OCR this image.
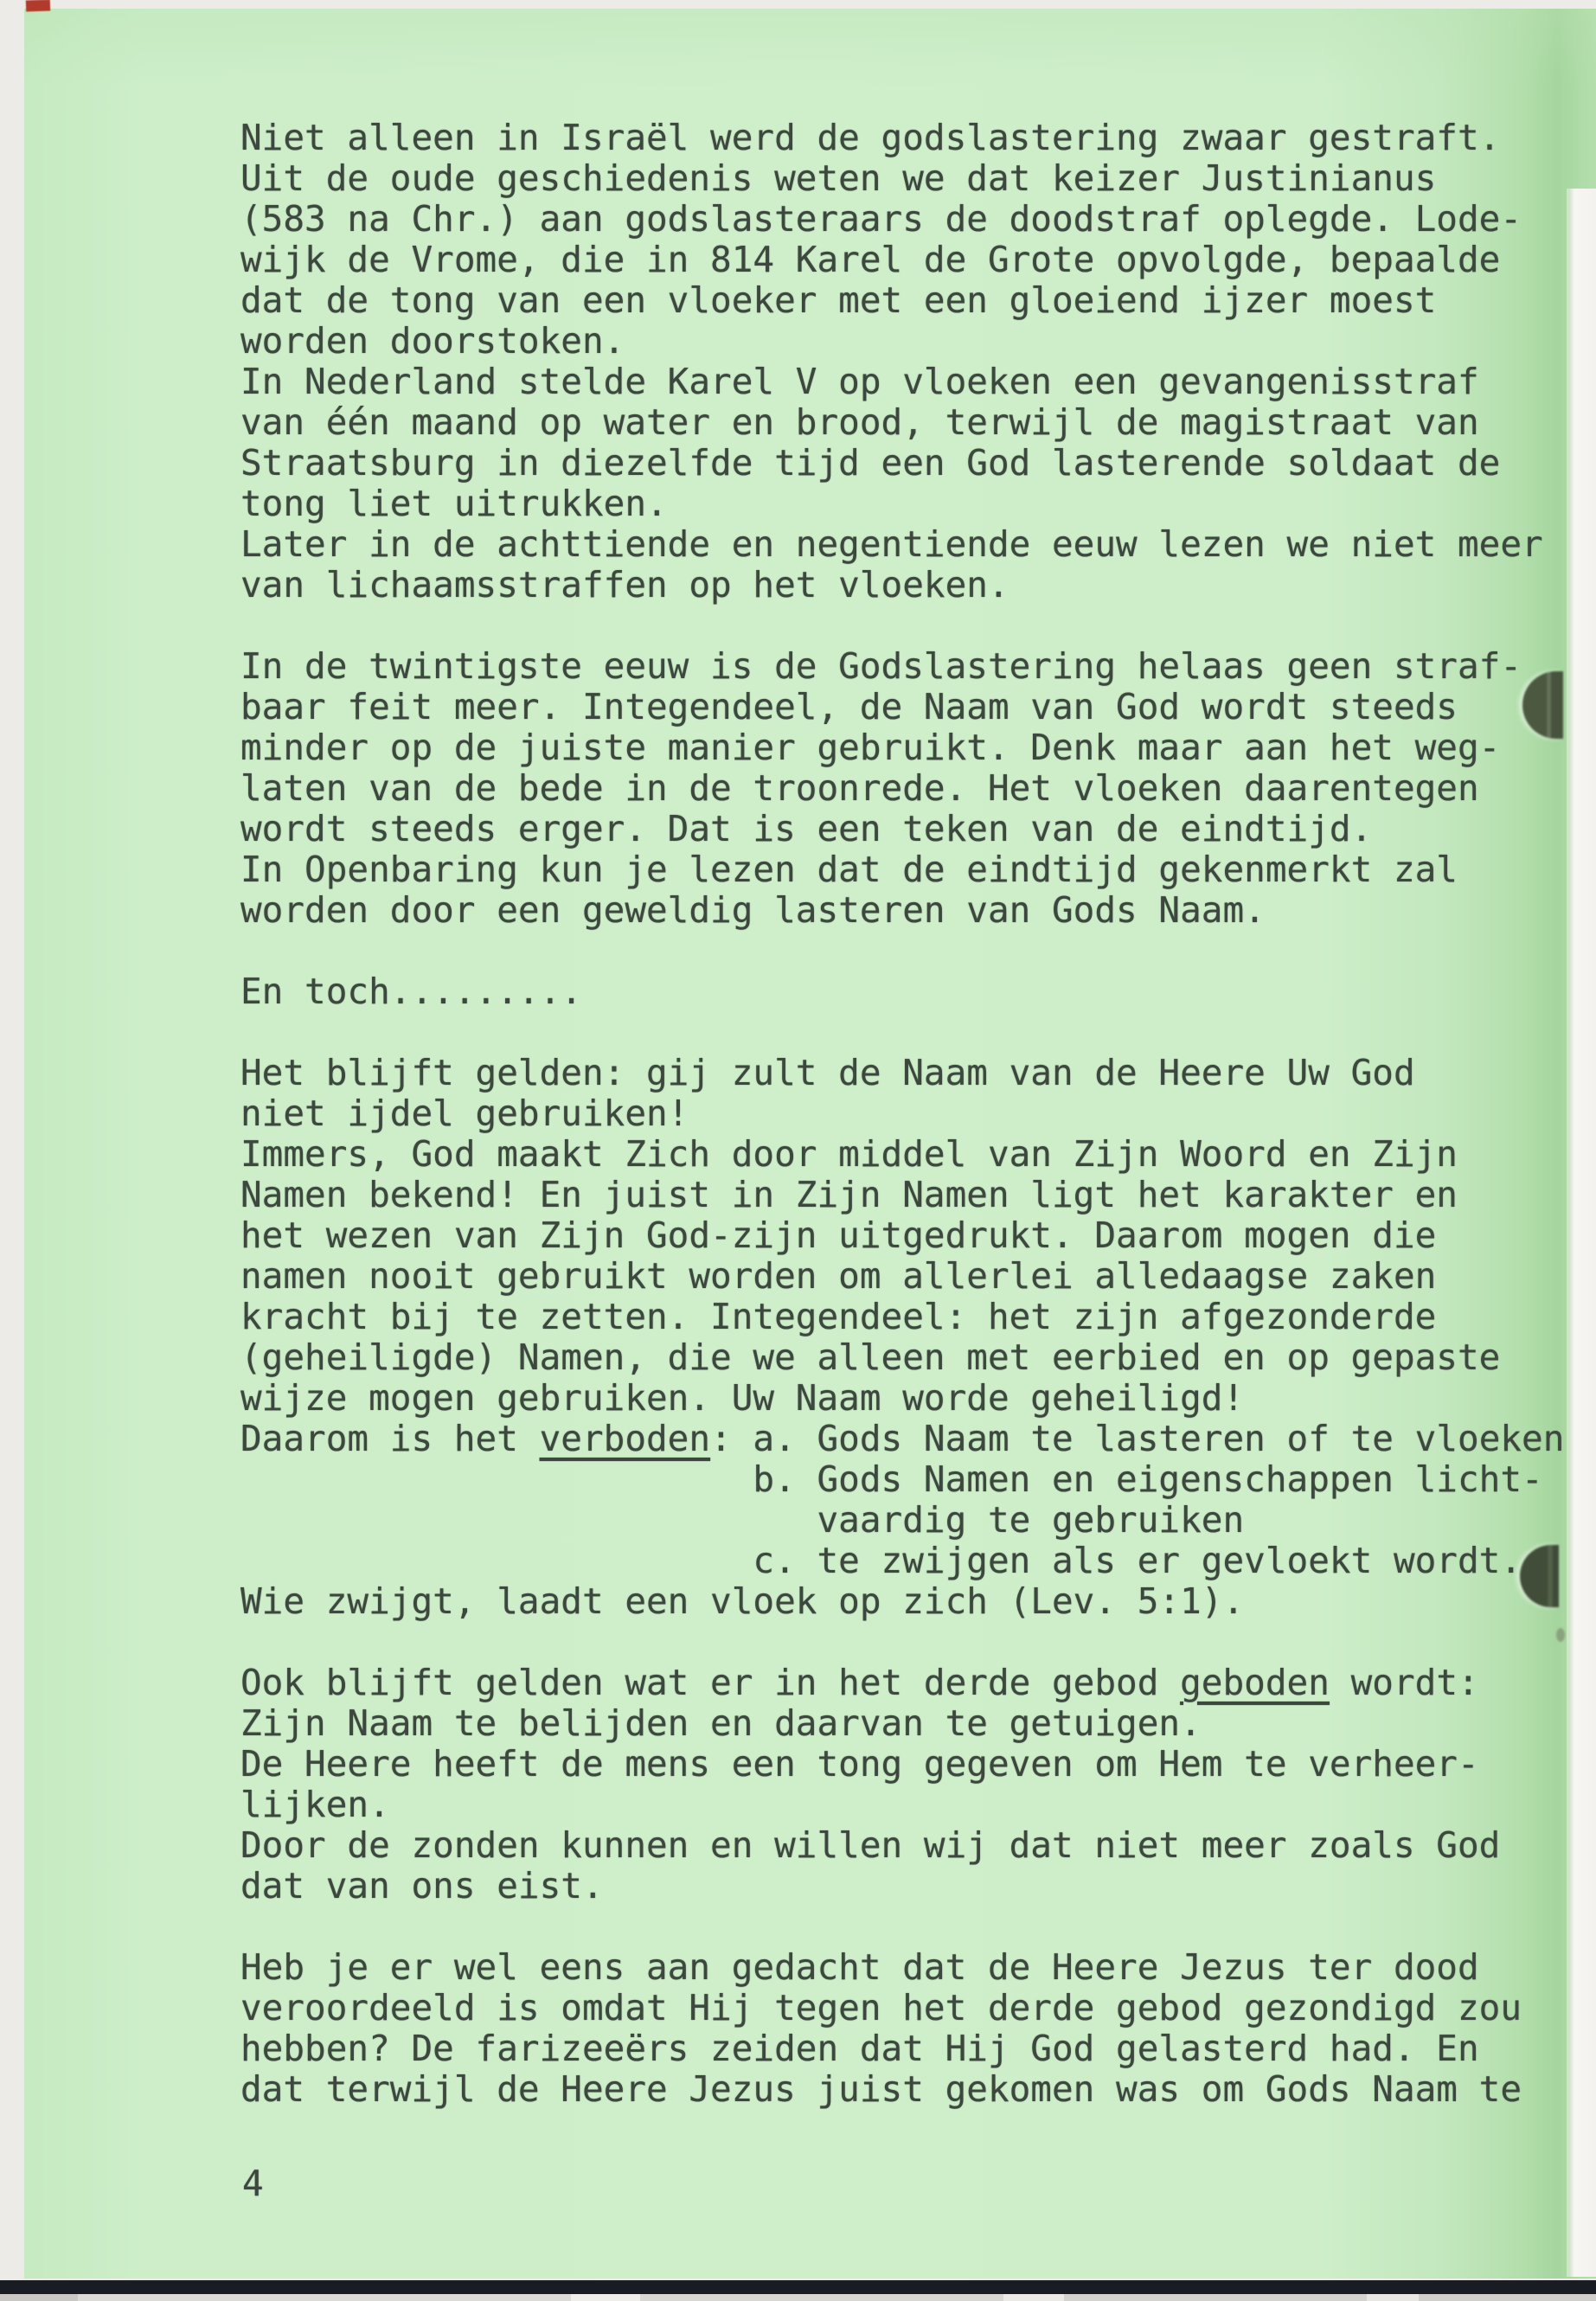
Niet alleen in Israël werd de godslastering zwaar gestraft.
Uit de oude geschiedenis weten we dat keizer Justinianus
(583 na Chr.) aan godslasteraars de doodstraf oplegde. Lode-
wijk de Vrome, die in 814 Karel de Grote opvolgde, bepaalde
dat de tong van een vloeker met een gloeiend ijzer moest
worden doorstoken.
In Nederland stelde Karel V op vloeken een gevangenisstraf
van één maand op water en brood, terwijl de magistraat van
Straatsburg in diezelfde tijd een God lasterende soldaat de
tong liet uitrukken.
Later in de achttiende en negentiende eeuw lezen we niet meer
van lichaamsstraffen op het vloeken.

In de twintigste eeuw is de Godslastering helaas geen straf-
baar feit meer. Integendeel, de Naam van God wordt steeds
minder op de juiste manier gebruikt. Denk maar aan het weg-
laten van de bede in de troonrede. Het vloeken daarentegen
wordt steeds erger. Dat is een teken van de eindtijd.
In Openbaring kun je lezen dat de eindtijd gekenmerkt zal
worden door een geweldig lasteren van Gods Naam.

En toch.........

Het blijft gelden: gij zult de Naam van de Heere Uw God
niet ijdel gebruiken!
Immers, God maakt Zich door middel van Zijn Woord en Zijn
Namen bekend! En juist in Zijn Namen ligt het karakter en
het wezen van Zijn God-zijn uitgedrukt. Daarom mogen die
namen nooit gebruikt worden om allerlei alledaagse zaken
kracht bij te zetten. Integendeel: het zijn afgezonderde
(geheiligde) Namen, die we alleen met eerbied en op gepaste
wijze mogen gebruiken. Uw Naam worde geheiligd!
Daarom is het verboden: a. Gods Naam te lasteren of te vloeken
b. Gods Namen en eigenschappen licht-
vaardig te gebruiken
c. te zwijgen als er gevloekt wordt.
Wie zwijgt, laadt een vloek op zich (Lev. 5:1).

Ook blijft gelden wat er in het derde gebod geboden wordt:
Zijn Naam te belijden en daarvan te getuigen.
De Heere heeft de mens een tong gegeven om Hem te verheer-
lijken.
Door de zonden kunnen en willen wij dat niet meer zoals God
dat van ons eist.

Heb je er wel eens aan gedacht dat de Heere Jezus ter dood
veroordeeld is omdat Hij tegen het derde gebod gezondigd zou
hebben? De farizeeërs zeiden dat Hij God gelasterd had. En
dat terwijl de Heere Jezus juist gekomen was om Gods Naam te
4
